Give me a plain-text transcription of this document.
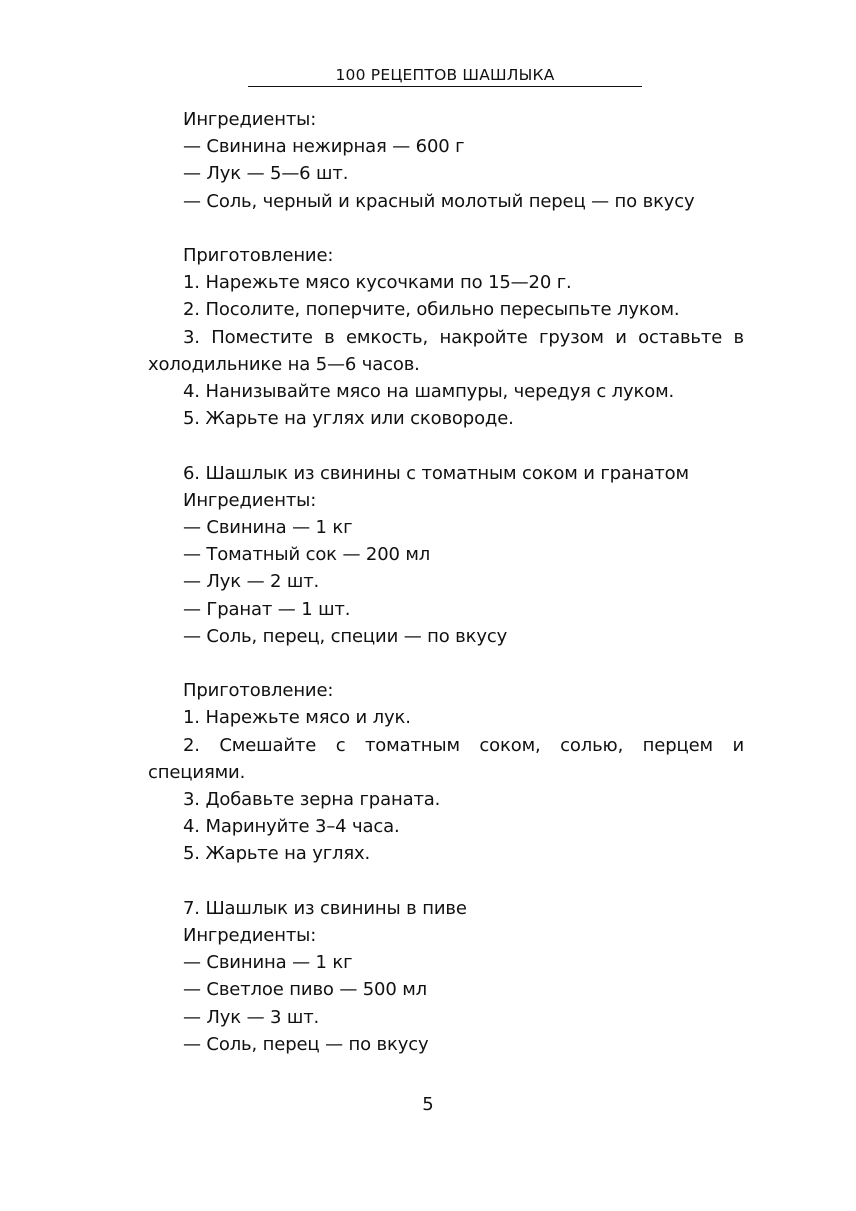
100 РЕЦЕПТОВ ШАШЛЫКА

Ингредиенты:

— Свинина нежирная — 600 г

— Лук — 5—6 шт.

— Соль, черный и красный молотый перец — по вкусу

Приготовление:

1. Нарежьте мясо кусочками по 15—20 г.

2. Посолите, поперчите, обильно пересыпьте луком.

3. Поместите в емкость, накройте грузом и оставьте в холодильнике на 5—6 часов.

4. Нанизывайте мясо на шампуры, чередуя с луком.

5. Жарьте на углях или сковороде.

6. Шашлык из свинины с томатным соком и гранатом

Ингредиенты:

— Свинина — 1 кг

— Томатный сок — 200 мл

— Лук — 2 шт.

— Гранат — 1 шт.

— Соль, перец, специи — по вкусу

Приготовление:

1. Нарежьте мясо и лук.

2. Смешайте с томатным соком, солью, перцем и специями.

3. Добавьте зерна граната.

4. Маринуйте 3–4 часа.

5. Жарьте на углях.

7. Шашлык из свинины в пиве

Ингредиенты:

— Свинина — 1 кг

— Светлое пиво — 500 мл

— Лук — 3 шт.

— Соль, перец — по вкусу

5
